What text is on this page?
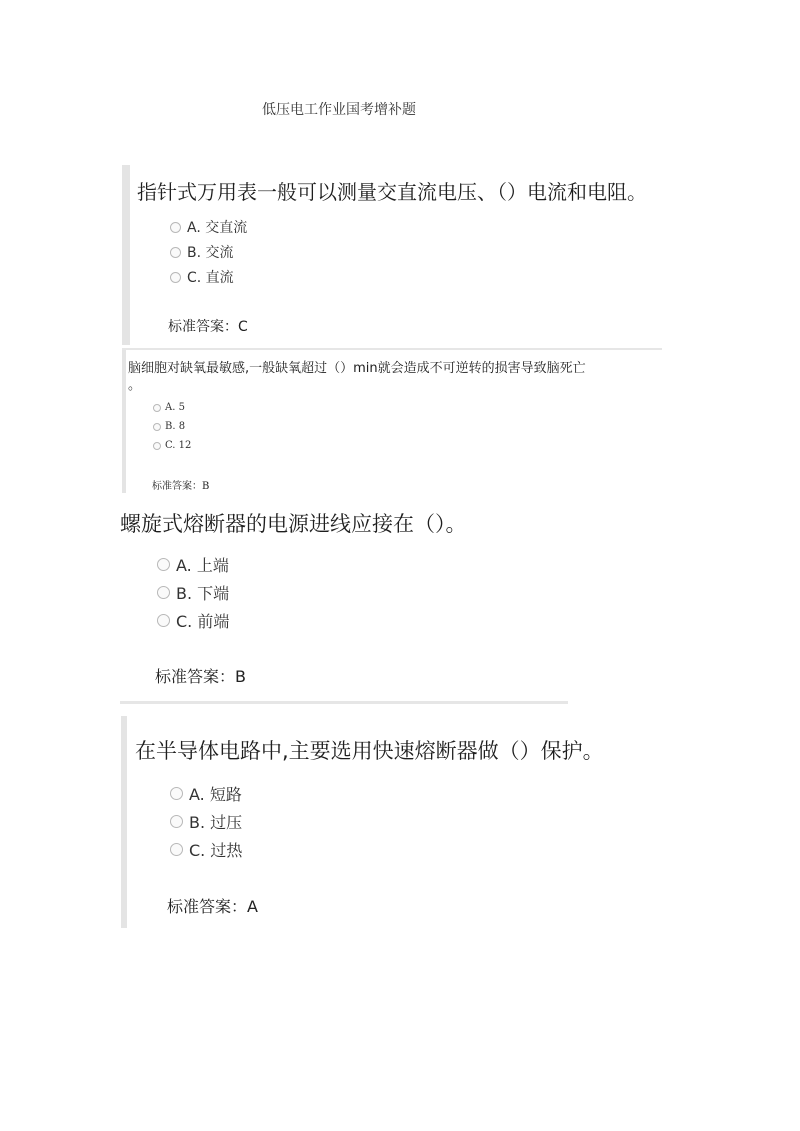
低压电工作业国考增补题
指针式万用表一般可以测量交直流电压、（）电流和电阻。
A. 交直流
B. 交流
C. 直流
标准答案：C
脑细胞对缺氧最敏感,一般缺氧超过（）min就会造成不可逆转的损害导致脑死亡
。
A. 5
B. 8
C. 12
标准答案：B
螺旋式熔断器的电源进线应接在（）。
A. 上端
B. 下端
C. 前端
标准答案：B
在半导体电路中,主要选用快速熔断器做（）保护。
A. 短路
B. 过压
C. 过热
标准答案：A
